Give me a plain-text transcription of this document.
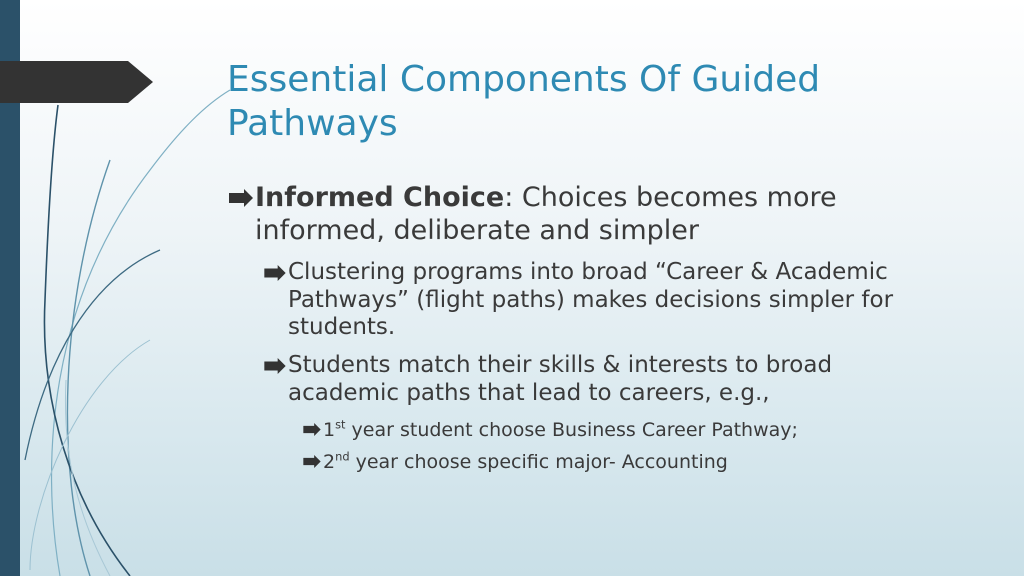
Essential Components Of Guided Pathways
Informed Choice: Choices becomes more informed, deliberate and simpler
Clustering programs into broad “Career & Academic Pathways” (flight paths) makes decisions simpler for students.
Students match their skills & interests to broad academic paths that lead to careers, e.g.,
1st year student choose Business Career Pathway;
2nd year choose specific major- Accounting
